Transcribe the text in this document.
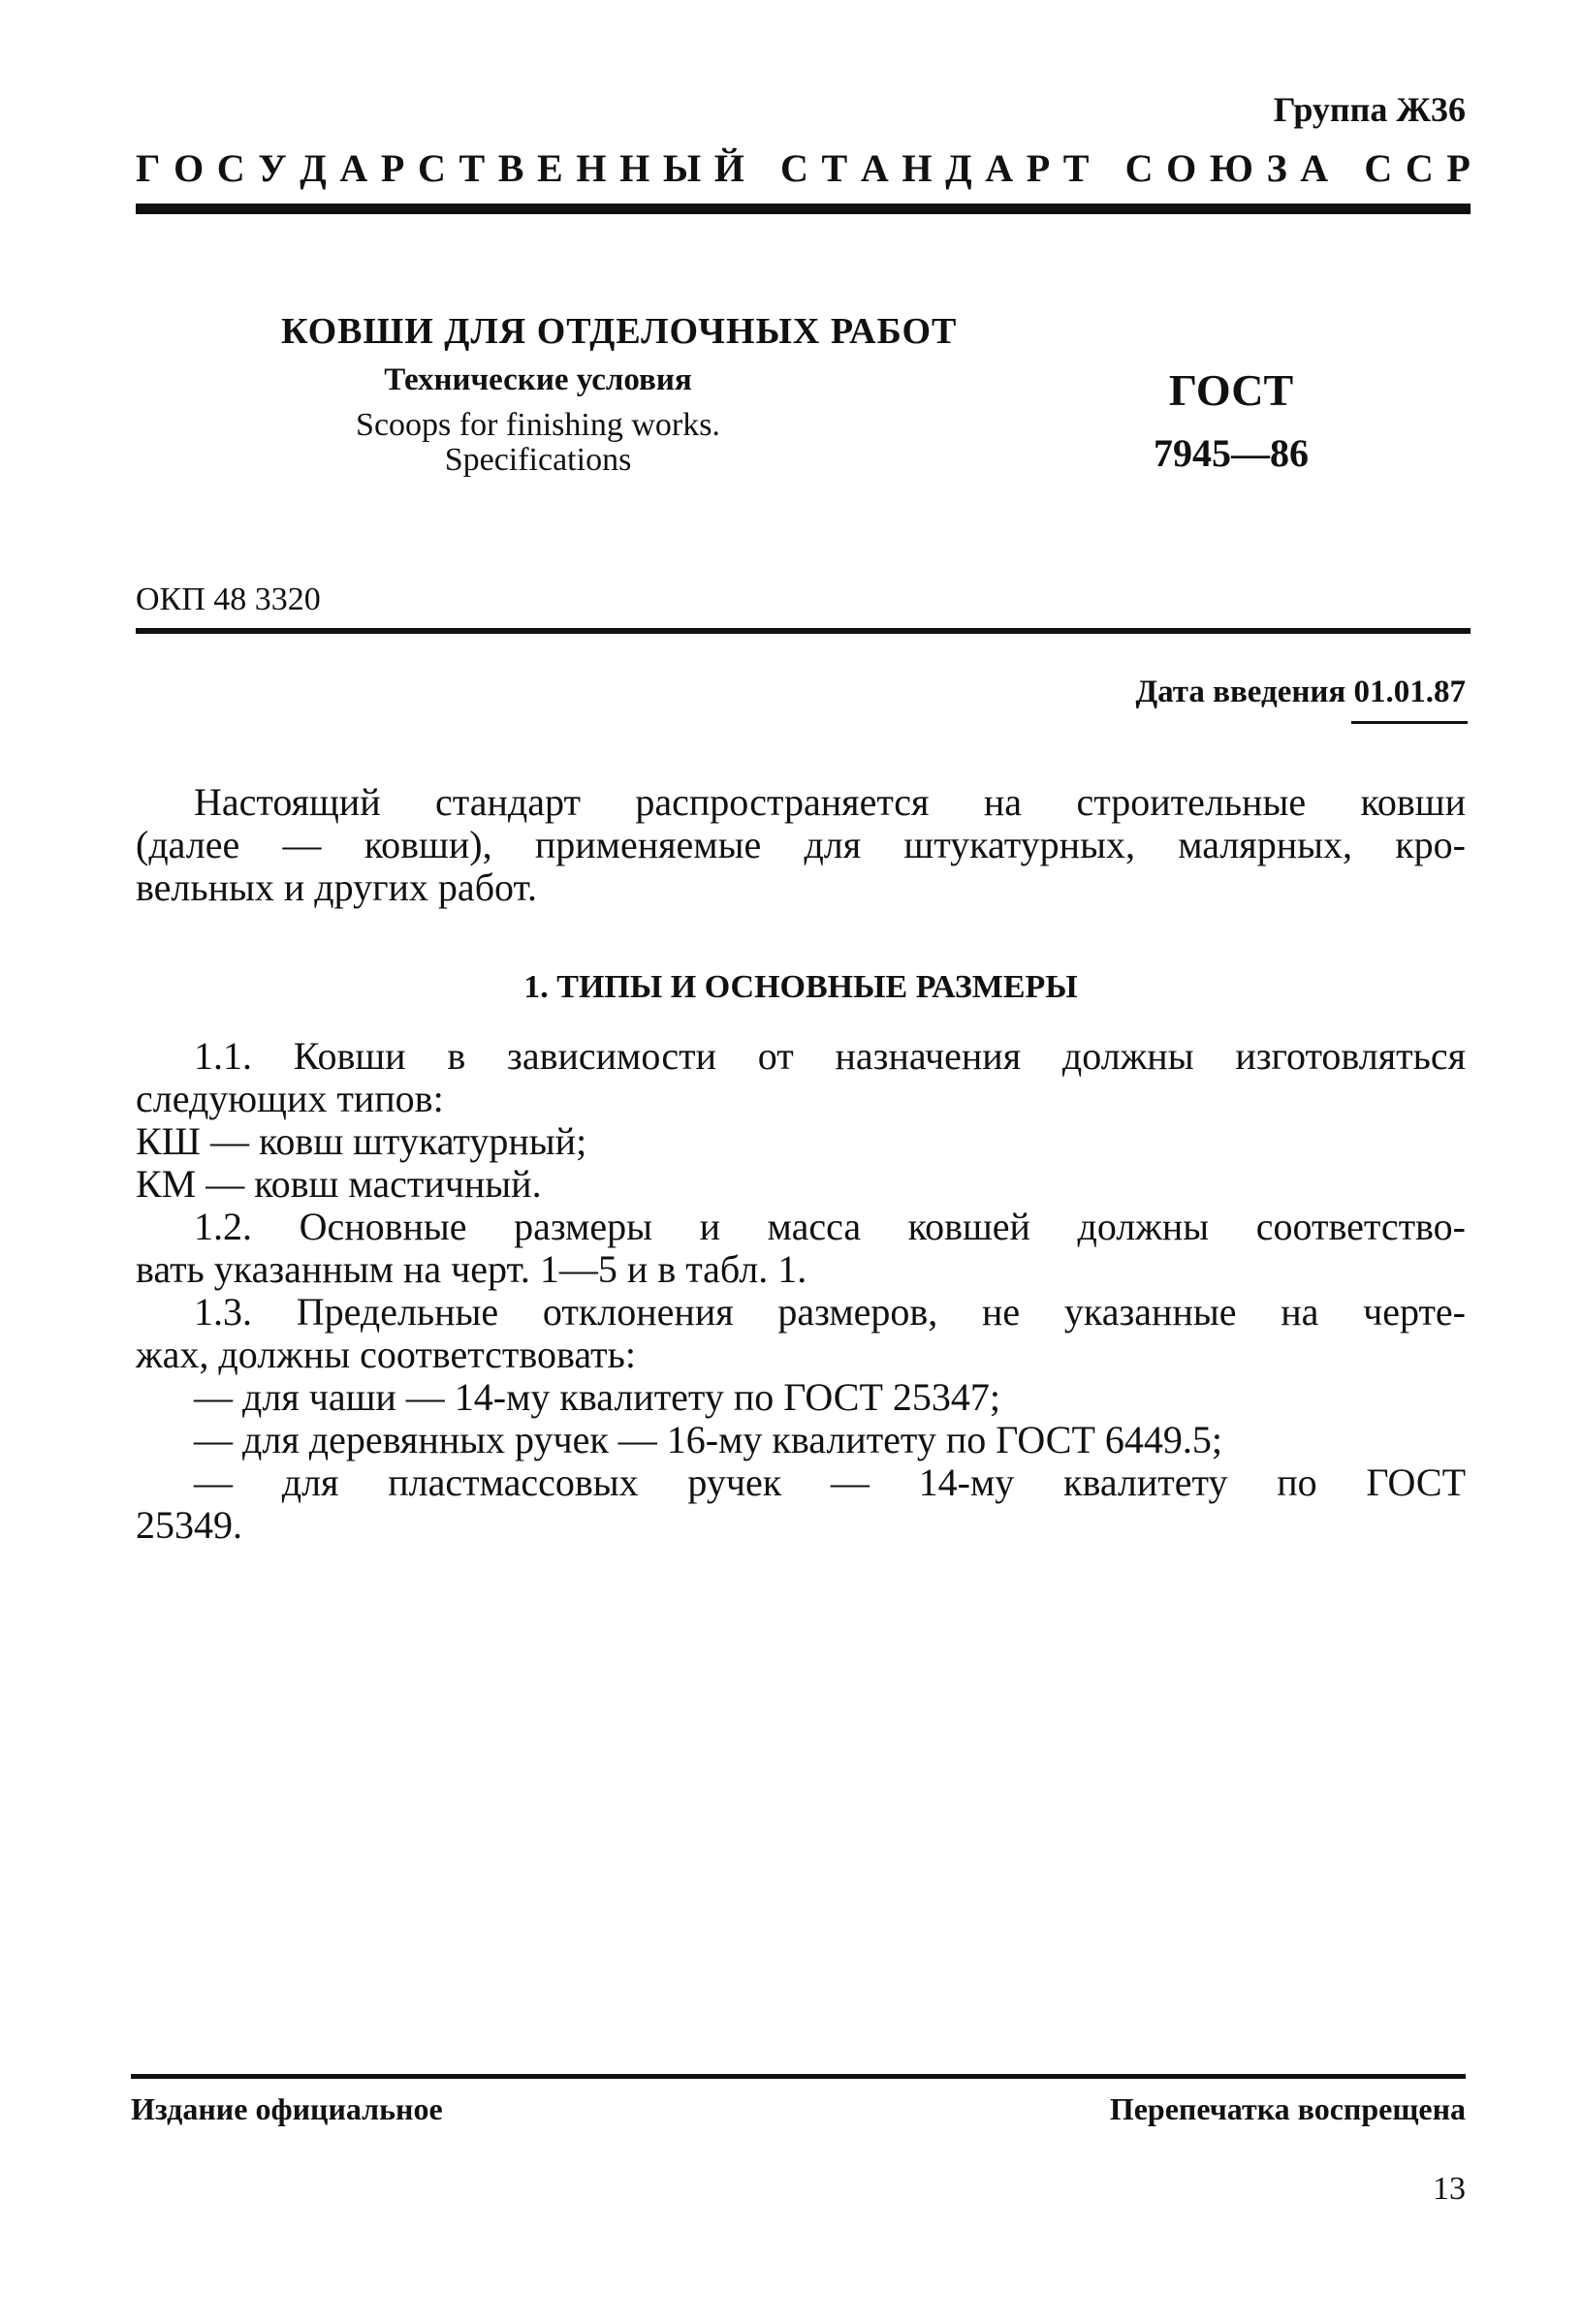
Группа Ж36
Г О С У Д А Р С Т В Е Н Н Ы Й
С Т А Н Д А Р Т
С О Ю З А
С С Р
КОВШИ ДЛЯ ОТДЕЛОЧНЫХ РАБОТ
Технические условия
Scoops for finishing works.
Specifications
ГОСТ
7945—86
ОКП 48 3320
Дата введения 01.01.87
Настоящий стандарт распространяется на строительные ковши
(далее — ковши), применяемые для штукатурных, малярных, кро-
вельных и других работ.
1. ТИПЫ И ОСНОВНЫЕ РАЗМЕРЫ
1.1. Ковши в зависимости от назначения должны изготовляться
следующих типов:
КШ — ковш штукатурный;
КМ — ковш мастичный.
1.2. Основные размеры и масса ковшей должны соответство-
вать указанным на черт. 1—5 и в табл. 1.
1.3. Предельные отклонения размеров, не указанные на черте-
жах, должны соответствовать:
— для чаши — 14-му квалитету по ГОСТ 25347;
— для деревянных ручек — 16-му квалитету по ГОСТ 6449.5;
— для пластмассовых ручек — 14-му квалитету по ГОСТ
25349.
Издание официальное	Перепечатка воспрещена
13
